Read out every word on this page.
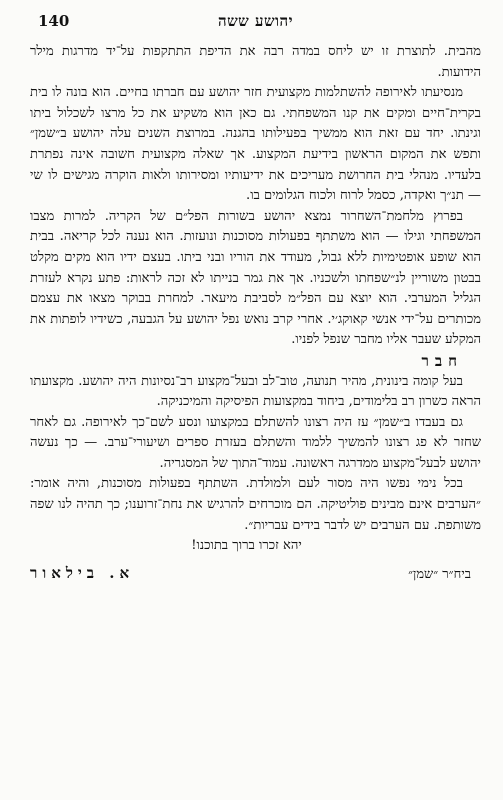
יהושע ששה
140

מהבית. לתוצרת זו יש ליחס במדה רבה את הדיפת התתקפות על־יד מדרגות מילר הידועות.

מנסיעתו לאירופה להשתלמות מקצועית חזר יהושע עם חברתו בחיים. הוא בונה לו בית בקרית־חיים ומקים את קנו המשפחתי. גם כאן הוא משקיע את כל מרצו לשכלול ביתו וגינתו. יחד עם זאת הוא ממשיך בפעילותו בהגנה. במרוצת השנים עלה יהושע ב״שמן״ ותפש את המקום הראשון בידיעת המקצוע. אך שאלה מקצועית חשובה אינה נפתרת בלעדיו. מנהלי בית החרושת מעריכים את ידיעותיו ומסירותו ולאות הוקרה מגישים לו שי — תנ״ך ואקדה, כסמל לרוח ולכוח הגלומים בו.

בפרוץ מלחמת־השחרור נמצא יהושע בשורות הפל״ם של הקריה. למרות מצבו המשפחתי וגילו — הוא משתתף בפעולות מסוכנות ונועזות. הוא נענה לכל קריאה. בבית הוא שופע אופטימיות ללא גבול, מעודד את הוריו ובני ביתו. בעצם ידיו הוא מקים מקלט בבטון משוריין לנ״שפחתו ולשכניו. אך את גמר בנייתו לא זכה לראות: פתע נקרא לעזרת הגליל המערבי. הוא יוצא עם הפל״מ לסביבת מיעאר. למחרת בבוקר מצאו את עצמם מכותרים על־ידי אנשי קאוקג׳י. אחרי קרב נואש נפל יהושע על הגבעה, כשידיו לופתות את המקלע שעבר אליו מחבר שנפל לפניו.

חבר

בעל קומה בינונית, מהיר תנועה, טוב־לב ובעל־מקצוע רב־נסיונות היה יהושע. מקצועתו הראה כשרון רב בלימודים, ביחוד במקצועות הפיסיקה והמיכניקה.

גם בעבדו ב״שמן״ עז היה רצונו להשתלם במקצועו ונסע לשם־כך לאירופה. גם לאחר שחזר לא פג רצונו להמשיך ללמוד והשתלם בעזרת ספרים ושיעורי־ערב. — כך נעשה יהושע לבעל־מקצוע ממדרגה ראשונה. עמוד־התוך של המסגריה.

בכל נימי נפשו היה מסור לעם ולמולדת. השתתף בפעולות מסוכנות, והיה אומר: ״הערבים אינם מבינים פוליטיקה. הם מוכרחים להרגיש את נחת־זרוענו; כך תהיה לנו שפה משותפת. עם הערבים יש לדבר בידים עבריות״.

יהא זכרו ברוך בתוכנו!

ביח״ר ״שמן״
א. בילאור
